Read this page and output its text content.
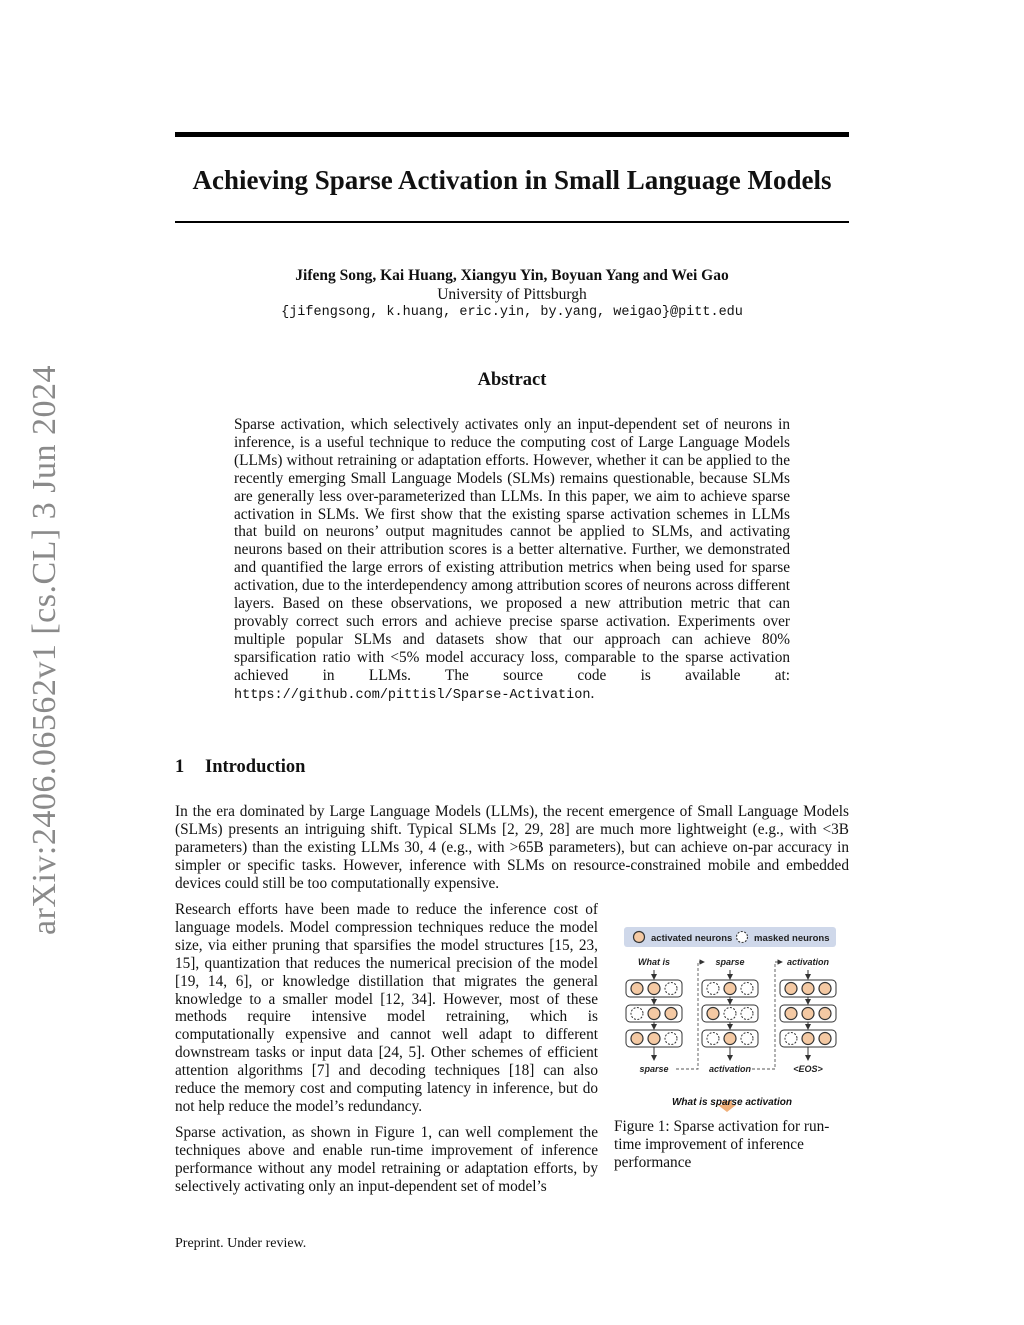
arXiv:2406.06562v1 [cs.CL] 3 Jun 2024
Achieving Sparse Activation in Small Language Models
Jifeng Song, Kai Huang, Xiangyu Yin, Boyuan Yang and Wei Gao
University of Pittsburgh
{jifengsong, k.huang, eric.yin, by.yang, weigao}@pitt.edu
Abstract
Sparse activation, which selectively activates only an input-dependent set of neurons in inference, is a useful technique to reduce the computing cost of Large Language Models (LLMs) without retraining or adaptation efforts. However, whether it can be applied to the recently emerging Small Language Models (SLMs) remains questionable, because SLMs are generally less over-parameterized than LLMs. In this paper, we aim to achieve sparse activation in SLMs. We first show that the existing sparse activation schemes in LLMs that build on neurons’ output magnitudes cannot be applied to SLMs, and activating neurons based on their attribution scores is a better alternative. Further, we demonstrated and quantified the large errors of existing attribution metrics when being used for sparse activation, due to the interdependency among attribution scores of neurons across different layers. Based on these observations, we proposed a new attribution metric that can provably correct such errors and achieve precise sparse activation. Experiments over multiple popular SLMs and datasets show that our approach can achieve 80% sparsification ratio with <5% model accuracy loss, comparable to the sparse activation achieved in LLMs. The source code is available at: https://github.com/pittisl/Sparse-Activation.
1 Introduction
In the era dominated by Large Language Models (LLMs), the recent emergence of Small Language Models (SLMs) presents an intriguing shift. Typical SLMs [2, 29, 28] are much more lightweight (e.g., with <3B parameters) than the existing LLMs 30, 4 (e.g., with >65B parameters), but can achieve on-par accuracy in simpler or specific tasks. However, inference with SLMs on resource-constrained mobile and embedded devices could still be too computationally expensive.
Research efforts have been made to reduce the inference cost of language models. Model compression techniques reduce the model size, via either pruning that sparsifies the model structures [15, 23, 15], quantization that reduces the numerical precision of the model [19, 14, 6], or knowledge distillation that migrates the general knowledge to a smaller model [12, 34]. However, most of these methods require intensive model retraining, which is computationally expensive and cannot well adapt to different downstream tasks or input data [24, 5]. Other schemes of efficient attention algorithms [7] and decoding techniques [18] can also reduce the memory cost and computing latency in inference, but do not help reduce the model’s redundancy.
Sparse activation, as shown in Figure 1, can well complement the techniques above and enable run-time improvement of inference performance without any model retraining or adaptation efforts, by selectively activating only an input-dependent set of model’s
activated neurons masked neurons
What is
sparse
sparse
activation
activation
<EOS>
What is sparse activation
Figure 1: Sparse activation for run-time improvement of inference performance
Preprint. Under review.
